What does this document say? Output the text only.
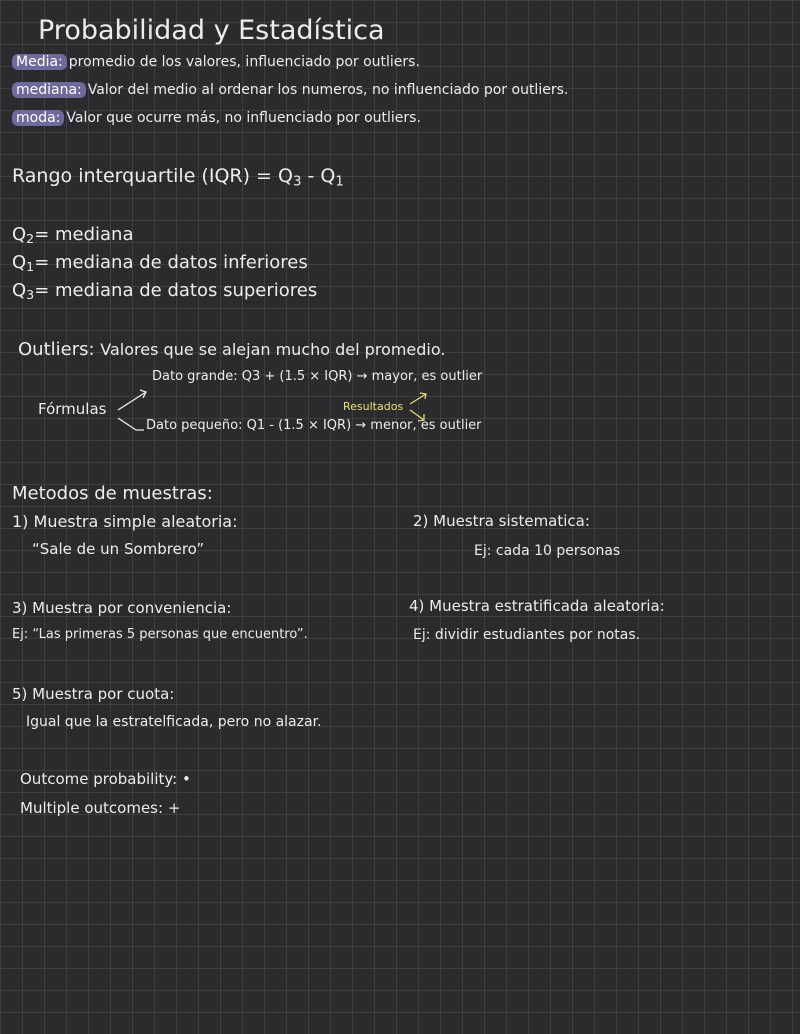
Probabilidad y Estadística
Media: promedio de los valores, influenciado por outliers.
mediana: Valor del medio al ordenar los numeros, no influenciado por outliers.
moda: Valor que ocurre más, no influenciado por outliers.
Rango interquartile $(IQR) = Q_3 - Q_1$
$Q_2=$ mediana
$Q_1=$ mediana de datos inferiores
$Q_3=$ mediana de datos superiores
Outliers: Valores que se alejan mucho del promedio.
Fórmulas
Dato grande: Q3 + (1.5 × IQR) → mayor, es outlier
Resultados
Dato pequeño: Q1 - (1.5 × IQR) → menor, es outlier
Metodos de muestras:
1) Muestra simple aleatoria:
“Sale de un Sombrero”
2) Muestra sistematica:
Ej: cada 10 personas
3) Muestra por conveniencia:
Ej: “Las primeras 5 personas que encuentro”.
4) Muestra estratificada aleatoria:
Ej: dividir estudiantes por notas.
5) Muestra por cuota:
Igual que la estratelficada, pero no alazar.
Outcome probability: •
Multiple outcomes: +
